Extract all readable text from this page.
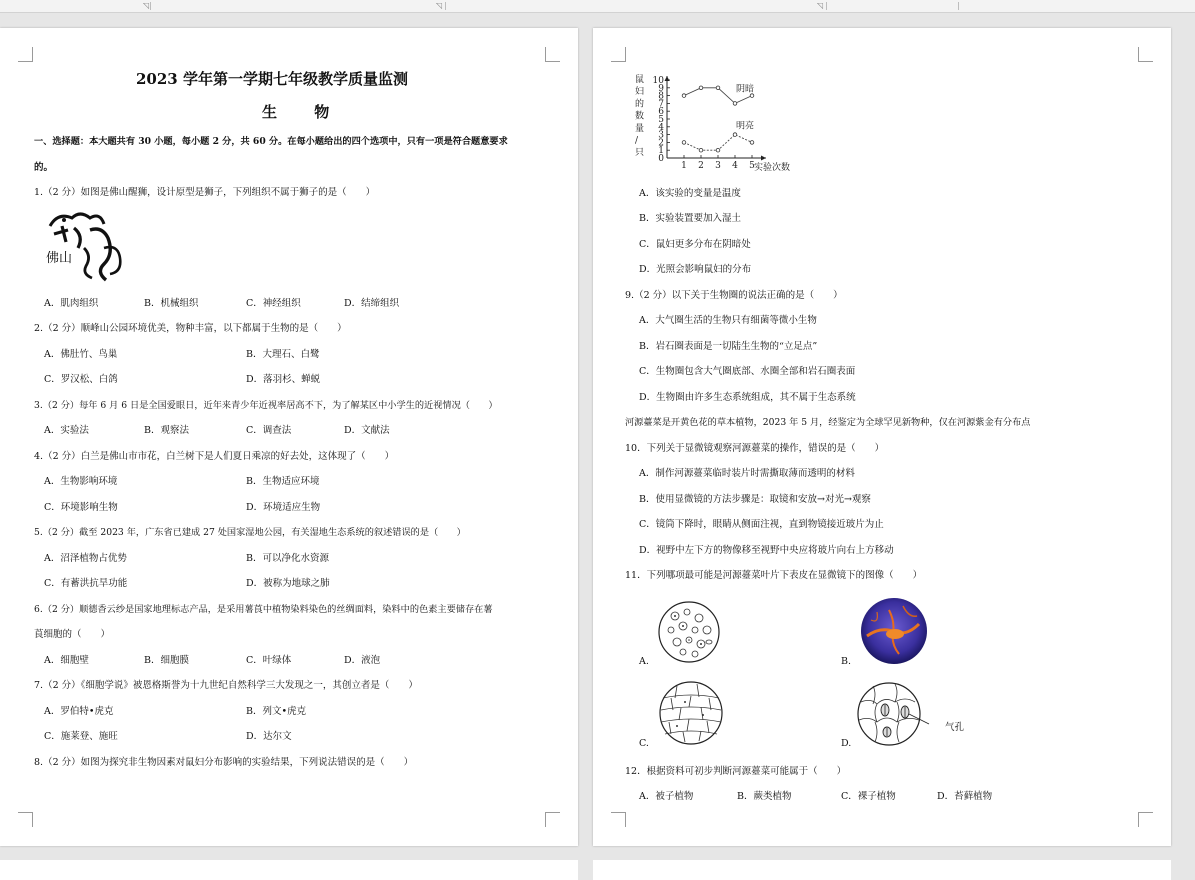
◹	◹	◹
2023 学年第一学期七年级教学质量监测
生 物
一、选择题：本大题共有 30 小题，每小题 2 分，共 60 分。在每小题给出的四个选项中，只有一项是符合题意要求
的。
1.（2 分）如图是佛山醒狮，设计原型是狮子，下列组织不属于狮子的是（　　）
佛山
A．肌肉组织	B．机械组织	C．神经组织	D．结缔组织
2.（2 分）顺峰山公园环境优美，物种丰富，以下都属于生物的是（　　）
A．佛肚竹、鸟巢	B．大理石、白鹭
C．罗汉松、白鸽	D．落羽杉、蝉蜕
3.（2 分）每年 6 月 6 日是全国爱眼日，近年来青少年近视率居高不下，为了解某区中小学生的近视情况（　　）
A．实验法	B．观察法	C．调查法	D．文献法
4.（2 分）白兰是佛山市市花，白兰树下是人们夏日乘凉的好去处，这体现了（　　）
A．生物影响环境	B．生物适应环境
C．环境影响生物	D．环境适应生物
5.（2 分）截至 2023 年，广东省已建成 27 处国家湿地公园，有关湿地生态系统的叙述错误的是（　　）
A．沼泽植物占优势	B．可以净化水资源
C．有蓄洪抗旱功能	D．被称为地球之肺
6.（2 分）顺德香云纱是国家地理标志产品，是采用薯莨中植物染料染色的丝绸面料，染料中的色素主要储存在薯
莨细胞的（　　）
A．细胞壁	B．细胞膜	C．叶绿体	D．液泡
7.（2 分）《细胞学说》被恩格斯誉为十九世纪自然科学三大发现之一，其创立者是（　　）
A．罗伯特•虎克	B．列文•虎克
C．施莱登、施旺	D．达尔文
8.（2 分）如图为探究非生物因素对鼠妇分布影响的实验结果，下列说法错误的是（　　）
鼠
妇
的
数
量
/
只
0
1
2
3
4
5
6
7
8
9
10
1 2 3 4 5 实验次数
阴暗
明亮
A．该实验的变量是温度
B．实验装置要加入湿土
C．鼠妇更多分布在阴暗处
D．光照会影响鼠妇的分布
9.（2 分）以下关于生物圈的说法正确的是（　　）
A．大气圈生活的生物只有细菌等微小生物
B．岩石圈表面是一切陆生生物的“立足点”
C．生物圈包含大气圈底部、水圈全部和岩石圈表面
D．生物圈由许多生态系统组成，其不属于生态系统
河源薹菜是开黄色花的草本植物，2023 年 5 月，经鉴定为全球罕见新物种，仅在河源紫金有分布点
10．下列关于显微镜观察河源薹菜的操作，错误的是（　　）
A．制作河源薹菜临时装片时需撕取薄而透明的材料
B．使用显微镜的方法步骤是：取镜和安放→对光→观察
C．镜筒下降时，眼睛从侧面注视，直到物镜接近玻片为止
D．视野中左下方的物像移至视野中央应将玻片向右上方移动
11．下列哪项最可能是河源薹菜叶片下表皮在显微镜下的图像（　　）
A.	B.
C.
气孔
D.
12．根据资料可初步判断河源薹菜可能属于（　　）
A．被子植物	B．蕨类植物	C．裸子植物	D．苔藓植物
